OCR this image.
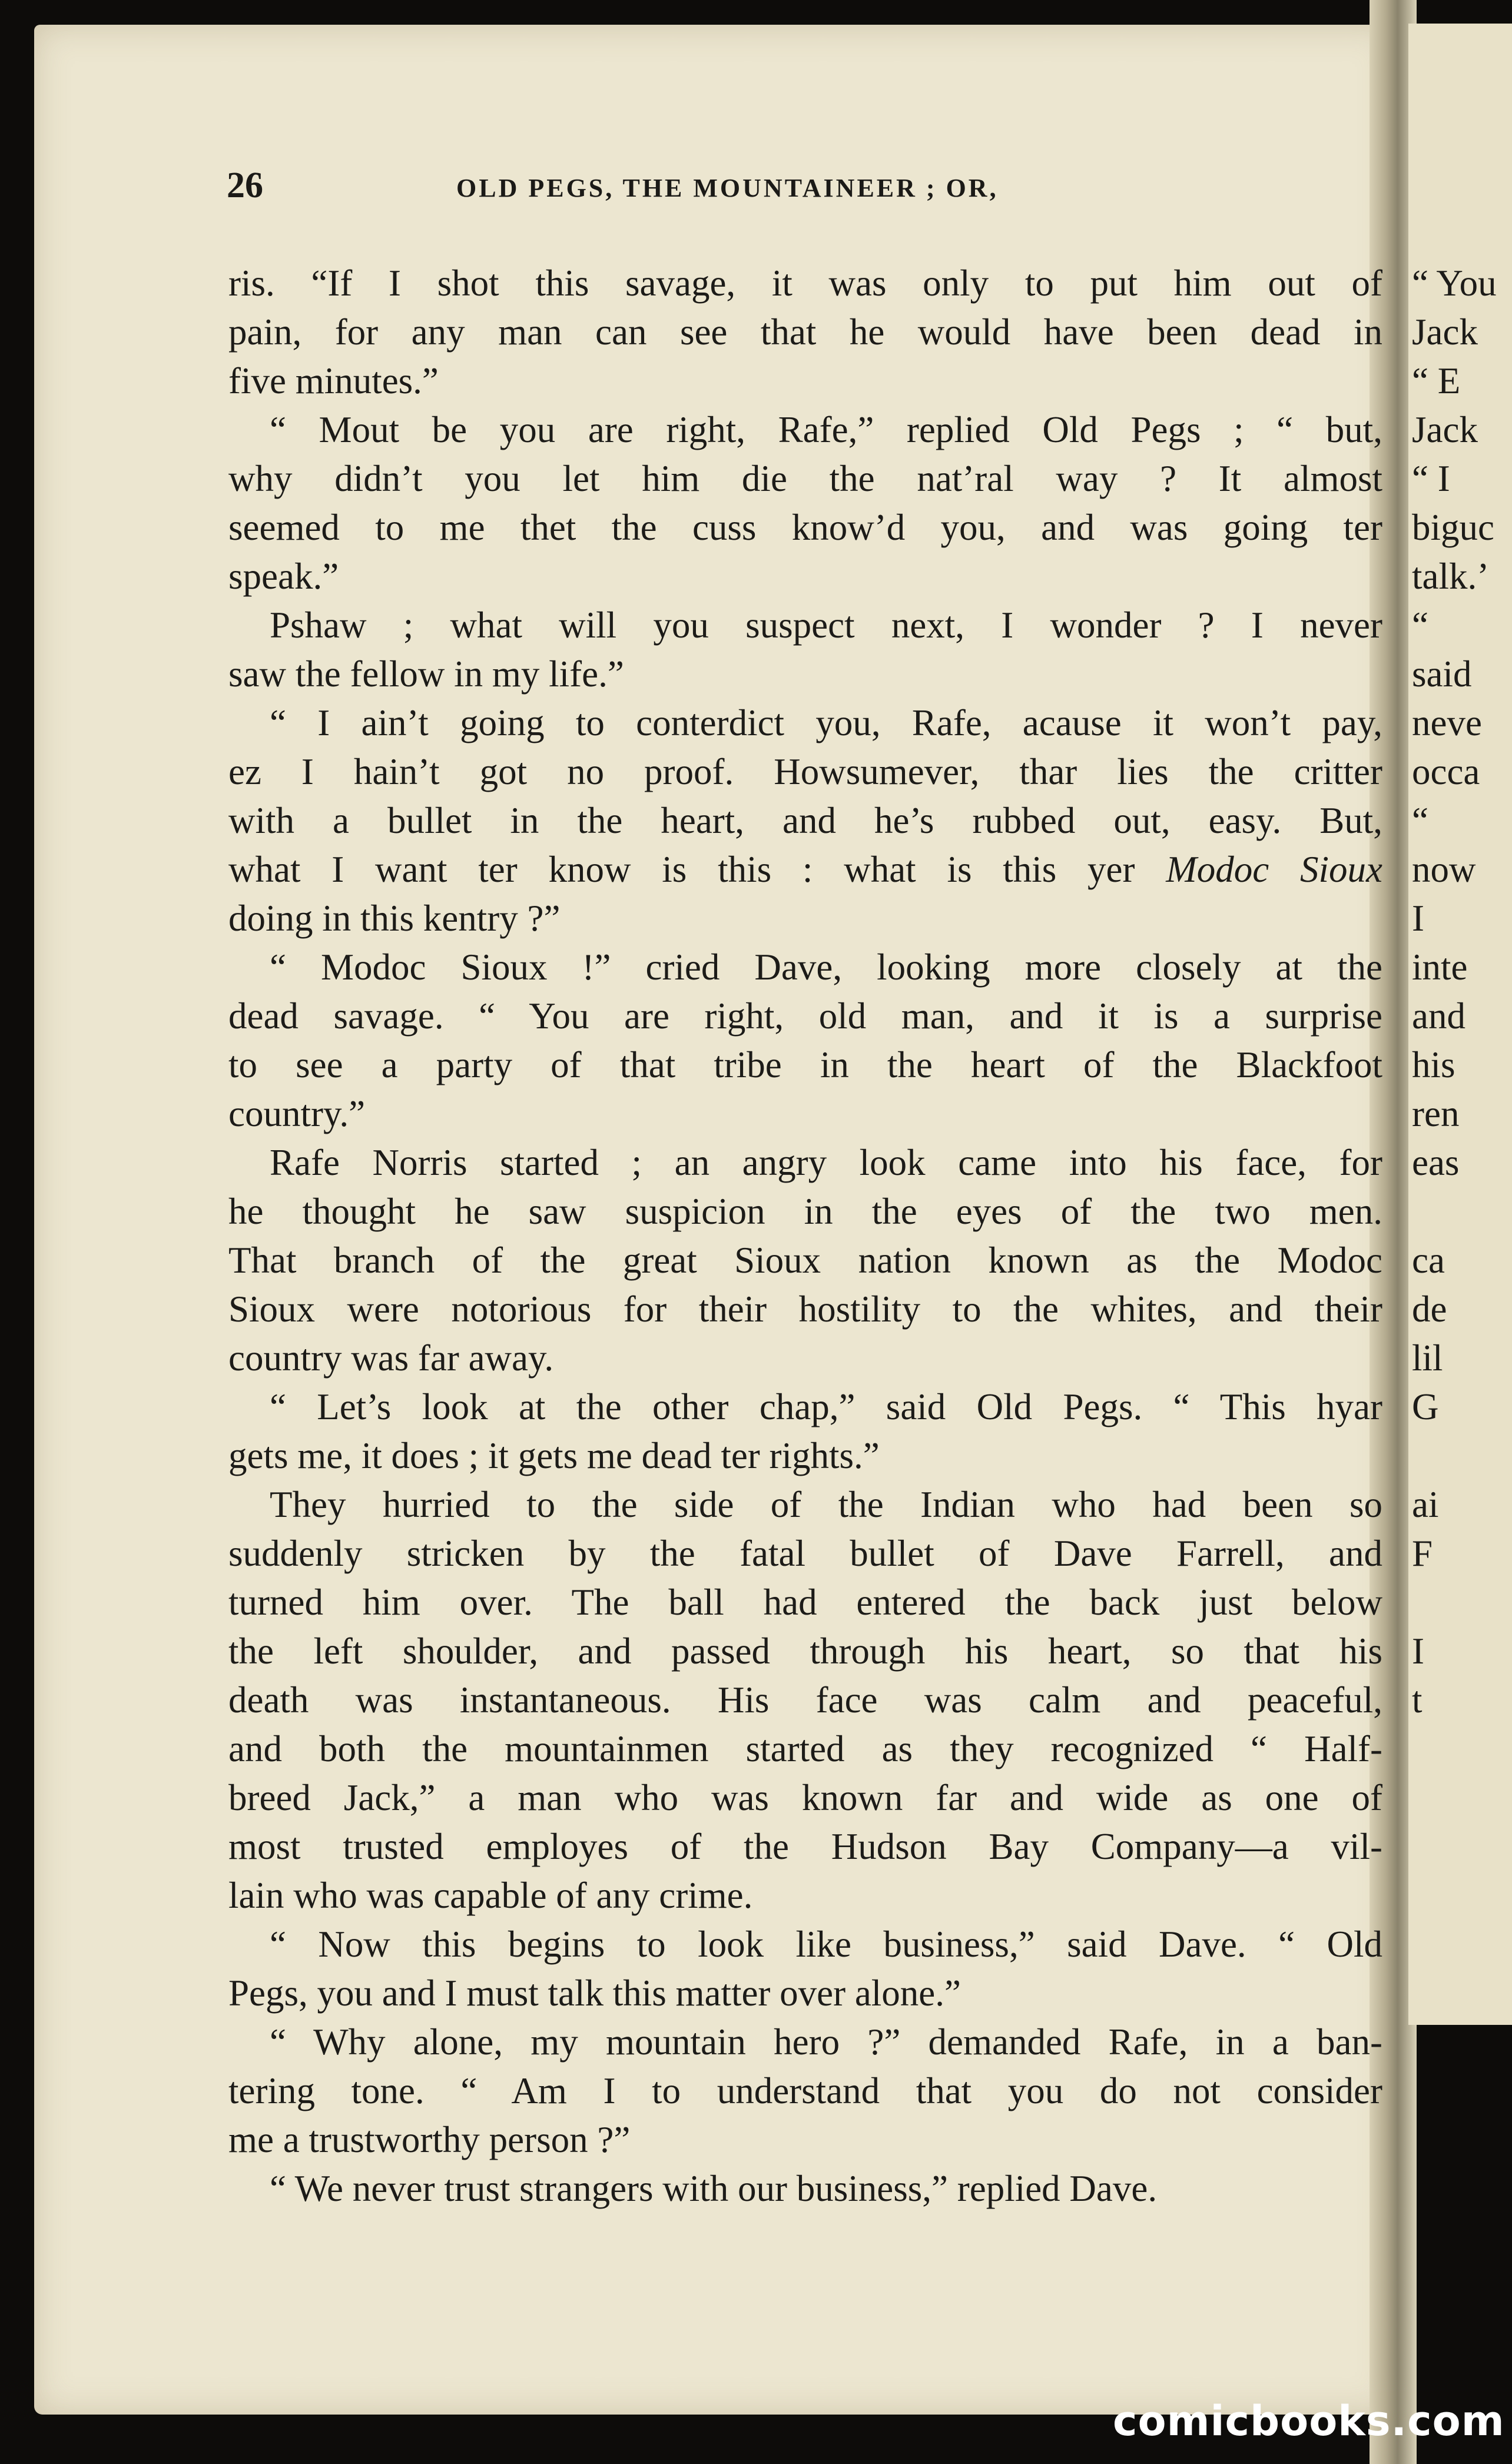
26	OLD PEGS, THE MOUNTAINEER ; OR,
ris. “If I shot this savage, it was only to put him out of
pain, for any man can see that he would have been dead in
five minutes.”
“ Mout be you are right, Rafe,” replied Old Pegs ; “ but,
why didn’t you let him die the nat’ral way ? It almost
seemed to me thet the cuss know’d you, and was going ter
speak.”
Pshaw ; what will you suspect next, I wonder ? I never
saw the fellow in my life.”
“ I ain’t going to conterdict you, Rafe, acause it won’t pay,
ez I hain’t got no proof. Howsumever, thar lies the critter
with a bullet in the heart, and he’s rubbed out, easy. But,
what I want ter know is this : what is this yer Modoc Sioux
doing in this kentry ?”
“ Modoc Sioux !” cried Dave, looking more closely at the
dead savage. “ You are right, old man, and it is a surprise
to see a party of that tribe in the heart of the Blackfoot
country.”
Rafe Norris started ; an angry look came into his face, for
he thought he saw suspicion in the eyes of the two men.
That branch of the great Sioux nation known as the Modoc
Sioux were notorious for their hostility to the whites, and their
country was far away.
“ Let’s look at the other chap,” said Old Pegs. “ This hyar
gets me, it does ; it gets me dead ter rights.”
They hurried to the side of the Indian who had been so
suddenly stricken by the fatal bullet of Dave Farrell, and
turned him over. The ball had entered the back just below
the left shoulder, and passed through his heart, so that his
death was instantaneous. His face was calm and peaceful,
and both the mountainmen started as they recognized “ Half-
breed Jack,” a man who was known far and wide as one of
most trusted employes of the Hudson Bay Company—a vil-
lain who was capable of any crime.
“ Now this begins to look like business,” said Dave. “ Old
Pegs, you and I must talk this matter over alone.”
“ Why alone, my mountain hero ?” demanded Rafe, in a ban-
tering tone. “ Am I to understand that you do not consider
me a trustworthy person ?”
“ We never trust strangers with our business,” replied Dave.
“ You
Jack
“ E
Jack
“ I
biguc
talk.’
“
said
neve
occa
“
now
I
inte
and
his
ren
eas
ca
de
lil
G
ai
F
I
t
comicbooks.com
